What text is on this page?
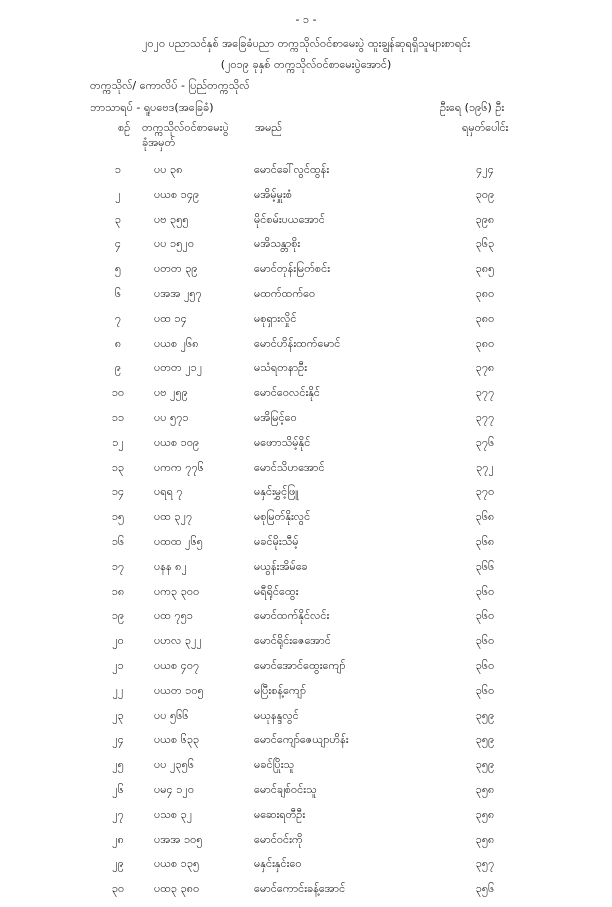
- ၁ -
၂၀၂၀ ပညာသင်နှစ် အခြေခံပညာ တက္ကသိုလ်ဝင်စာမေးပွဲ ထူးချွန်ဆုရရှိသူများစာရင်း
(၂၀၁၉ ခုနှစ် တက္ကသိုလ်ဝင်စာမေးပွဲအောင်)
တက္ကသိုလ်/ ကောလိပ် - ပြည်တက္ကသိုလ်
ဘာသာရပ် - ရူပဗေဒ(အခြေခံ)	ဦးရေ (၁၉၆) ဦး
စဉ် တက္ကသိုလ်ဝင်စာမေးပွဲ
ခုံအမှတ်
အမည်	ရမှတ်ပေါင်း
၁	ပပ ၃၈	မောင်ခေါ်လွင်ထွန်း	၄၂၄
၂	ပယစ ၁၄၉	မအိမ့်မှူးစံ	၃၀၉
၃	ပဗ ၃၅၅	မိုင်စမ်းပယအောင်	၃၉၈
၄	ပပ ၁၅၂၀	မအိသန္တာစိုး	၃၆၃
၅	ပတတ ၃၉	မောင်တုန်းမြတ်စင်း	၃၈၅
၆	ပအအ ၂၅၇	မထက်ထက်ဝေ	၃၈၀
၇	ပထ ၁၄	မစုရှားလှိုင်	၃၈၀
၈	ပယစ ၂၆၈	မောင်ဟိန်းထက်မောင်	၃၈၀
၉	ပတတ ၂၁၂	မသံရတနာဦး	၃၇၈
၁၀	ပဗ ၂၅၉	မောင်ဝေလင်းနိုင်	၃၇၇
၁၁	ပပ ၅၇၁	မအိမြင့်ဝေ	၃၇၇
၁၂	ပယစ ၁၀၉	မဖောာသိမ့်နိုင်	၃၇၆
၁၃	ပကက ၇၇၆	မောင်သိဟအောင်	၃၇၂
၁၄	ပရရ ၇	မနှင်းမွှင့်ဖြူ	၃၇၀
၁၅	ပထ ၃၂၇	မစုမြတ်နိုးလွင်	၃၆၈
၁၆	ပထထ ၂၆၅	မခင်မိုးသီမ့်	၃၆၈
၁၇	ပနန ၈၂	မယွန်းအိမ်ခေ	၃၆၆
၁၈	ပက၃ ၃၀၀	မရီရိုင်ထွေး	၃၆၀
၁၉	ပထ ၇၅၁	မောင်ထက်နိုင်လင်း	၃၆၀
၂၀	ပဟလ ၃၂၂	မောင်ရိုင်းဇေအောင်	၃၆၀
၂၁	ပယစ ၄၀၇	မောင်အောင်ထွေးကျော်	၃၆၀
၂၂	ပယတ ၁၀၅	မပြီးစန့်ကျော်	၃၆၀
၂၃	ပပ ၅၆၆	မယုနန္ဒလွင်	၃၅၉
၂၄	ပယစ ၆၃၃	မောင်ကျော်ဇေယျာဟိန်း	၃၅၉
၂၅	ပပ ၂၃၅၆	မခင်ပြိုးသူ	၃၅၉
၂၆	ပမ၄ ၁၂၀	မောင်ချစ်ဝင်းသူ	၃၅၈
၂၇	ပသစ ၃၂	မဆေးရတီဦး	၃၅၈
၂၈	ပအအ ၁၀၅	မောင်ဝင်းကို	၃၅၈
၂၉	ပယစ ၁၃၅	မနှင်းနှင်းဝေ	၃၅၇
၃၀	ပထ၃ ၃၈၀	မောင်ကောင်းခန့်အောင်	၃၅၆
